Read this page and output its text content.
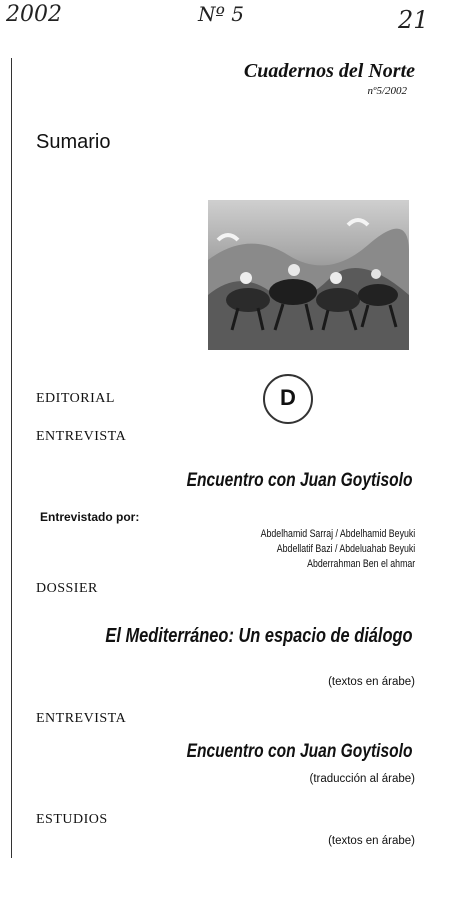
2002	Nº 5	21
Cuadernos del Norte
nº5/2002
Sumario
D
EDITORIAL
ENTREVISTA
Encuentro con Juan Goytisolo
Entrevistado por:
Abdelhamid Sarraj / Abdelhamid Beyuki
Abdellatif Bazi / Abdeluahab Beyuki
Abderrahman Ben el ahmar
DOSSIER
El Mediterráneo: Un espacio de diálogo
(textos en árabe)
ENTREVISTA
Encuentro con Juan Goytisolo
(traducción al árabe)
ESTUDIOS
(textos en árabe)
